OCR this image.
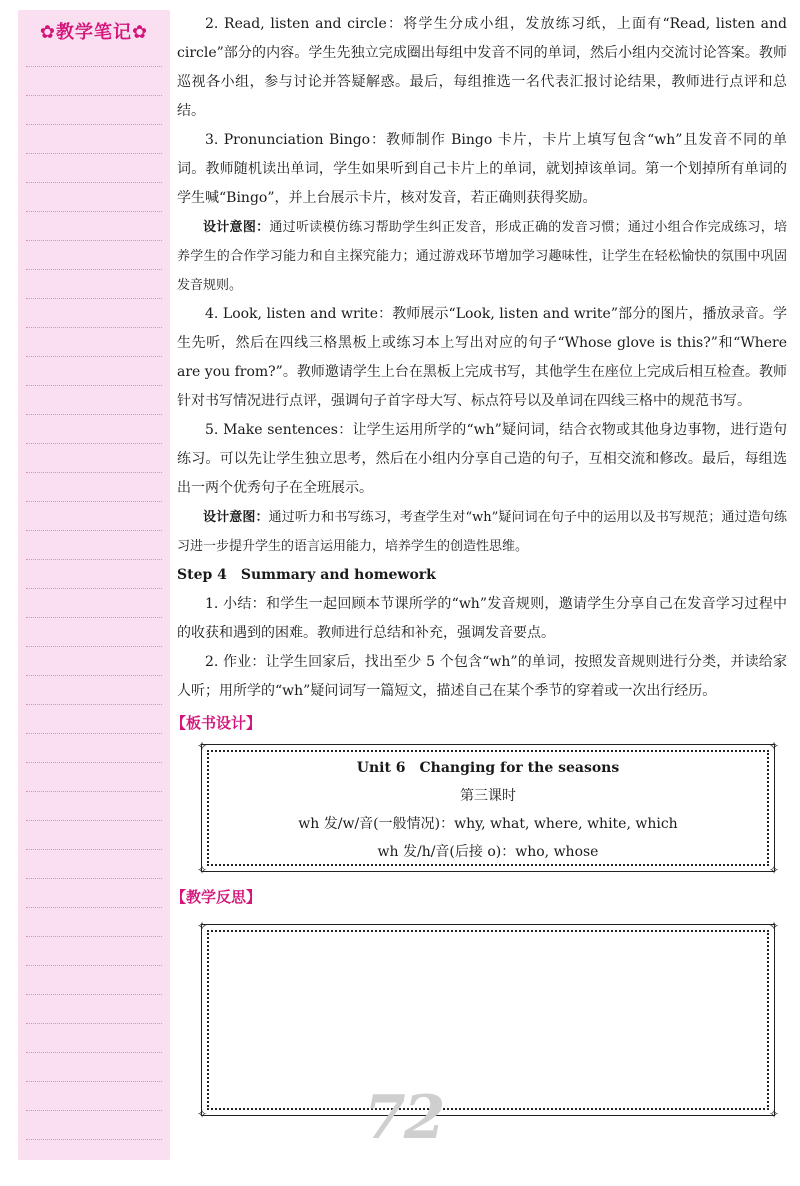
✿教学笔记✿	2. Read, listen and circle：将学生分成小组，发放练习纸，上面有“Read, listen and circle”部分的内容。学生先独立完成圈出每组中发音不同的单词，然后小组内交流讨论答案。教师巡视各小组，参与讨论并答疑解惑。最后，每组推选一名代表汇报讨论结果，教师进行点评和总结。

3. Pronunciation Bingo：教师制作 Bingo 卡片，卡片上填写包含“wh”且发音不同的单词。教师随机读出单词，学生如果听到自己卡片上的单词，就划掉该单词。第一个划掉所有单词的学生喊“Bingo”，并上台展示卡片，核对发音，若正确则获得奖励。

设计意图：通过听读模仿练习帮助学生纠正发音，形成正确的发音习惯；通过小组合作完成练习，培养学生的合作学习能力和自主探究能力；通过游戏环节增加学习趣味性，让学生在轻松愉快的氛围中巩固发音规则。

4. Look, listen and write：教师展示“Look, listen and write”部分的图片，播放录音。学生先听，然后在四线三格黑板上或练习本上写出对应的句子“Whose glove is this?”和“Where are you from?”。教师邀请学生上台在黑板上完成书写，其他学生在座位上完成后相互检查。教师针对书写情况进行点评，强调句子首字母大写、标点符号以及单词在四线三格中的规范书写。

5. Make sentences：让学生运用所学的“wh”疑问词，结合衣物或其他身边事物，进行造句练习。可以先让学生独立思考，然后在小组内分享自己造的句子，互相交流和修改。最后，每组选出一两个优秀句子在全班展示。

设计意图：通过听力和书写练习，考查学生对“wh”疑问词在句子中的运用以及书写规范；通过造句练习进一步提升学生的语言运用能力，培养学生的创造性思维。

Step 4　Summary and homework

1. 小结：和学生一起回顾本节课所学的“wh”发音规则，邀请学生分享自己在发音学习过程中的收获和遇到的困难。教师进行总结和补充，强调发音要点。

2. 作业：让学生回家后，找出至少 5 个包含“wh”的单词，按照发音规则进行分类，并读给家人听；用所学的“wh”疑问词写一篇短文，描述自己在某个季节的穿着或一次出行经历。

【板书设计】
✧	✧
✧	✧
Unit 6　Changing for the seasons
第三课时
wh 发/w/音(一般情况)：why, what, where, white, which
wh 发/h/音(后接 o)：who, whose
【教学反思】
✧	✧
✧	✧
72
